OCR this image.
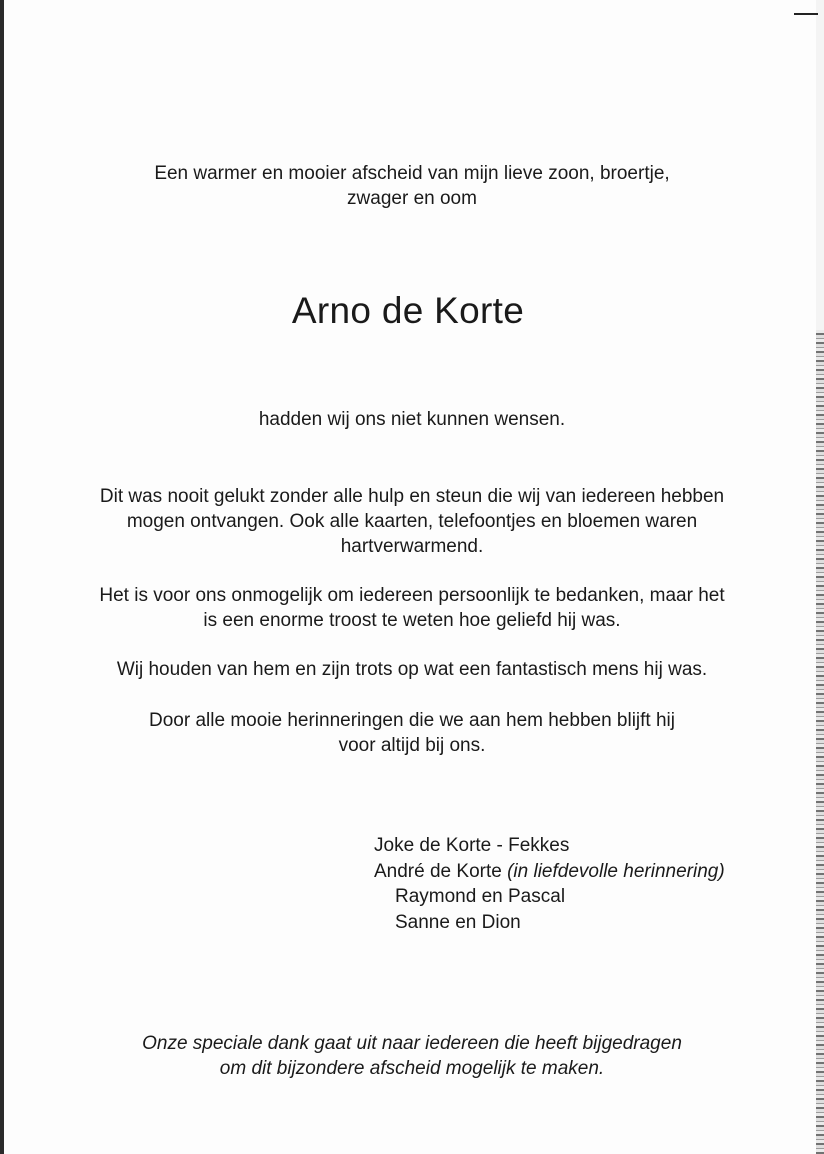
Een warmer en mooier afscheid van mijn lieve zoon, broertje,
zwager en oom
Arno de Korte
hadden wij ons niet kunnen wensen.
Dit was nooit gelukt zonder alle hulp en steun die wij van iedereen hebben
mogen ontvangen. Ook alle kaarten, telefoontjes en bloemen waren
hartverwarmend.
Het is voor ons onmogelijk om iedereen persoonlijk te bedanken, maar het
is een enorme troost te weten hoe geliefd hij was.
Wij houden van hem en zijn trots op wat een fantastisch mens hij was.
Door alle mooie herinneringen die we aan hem hebben blijft hij
voor altijd bij ons.
Joke de Korte - Fekkes
André de Korte (in liefdevolle herinnering)
Raymond en Pascal
Sanne en Dion
Onze speciale dank gaat uit naar iedereen die heeft bijgedragen
om dit bijzondere afscheid mogelijk te maken.
